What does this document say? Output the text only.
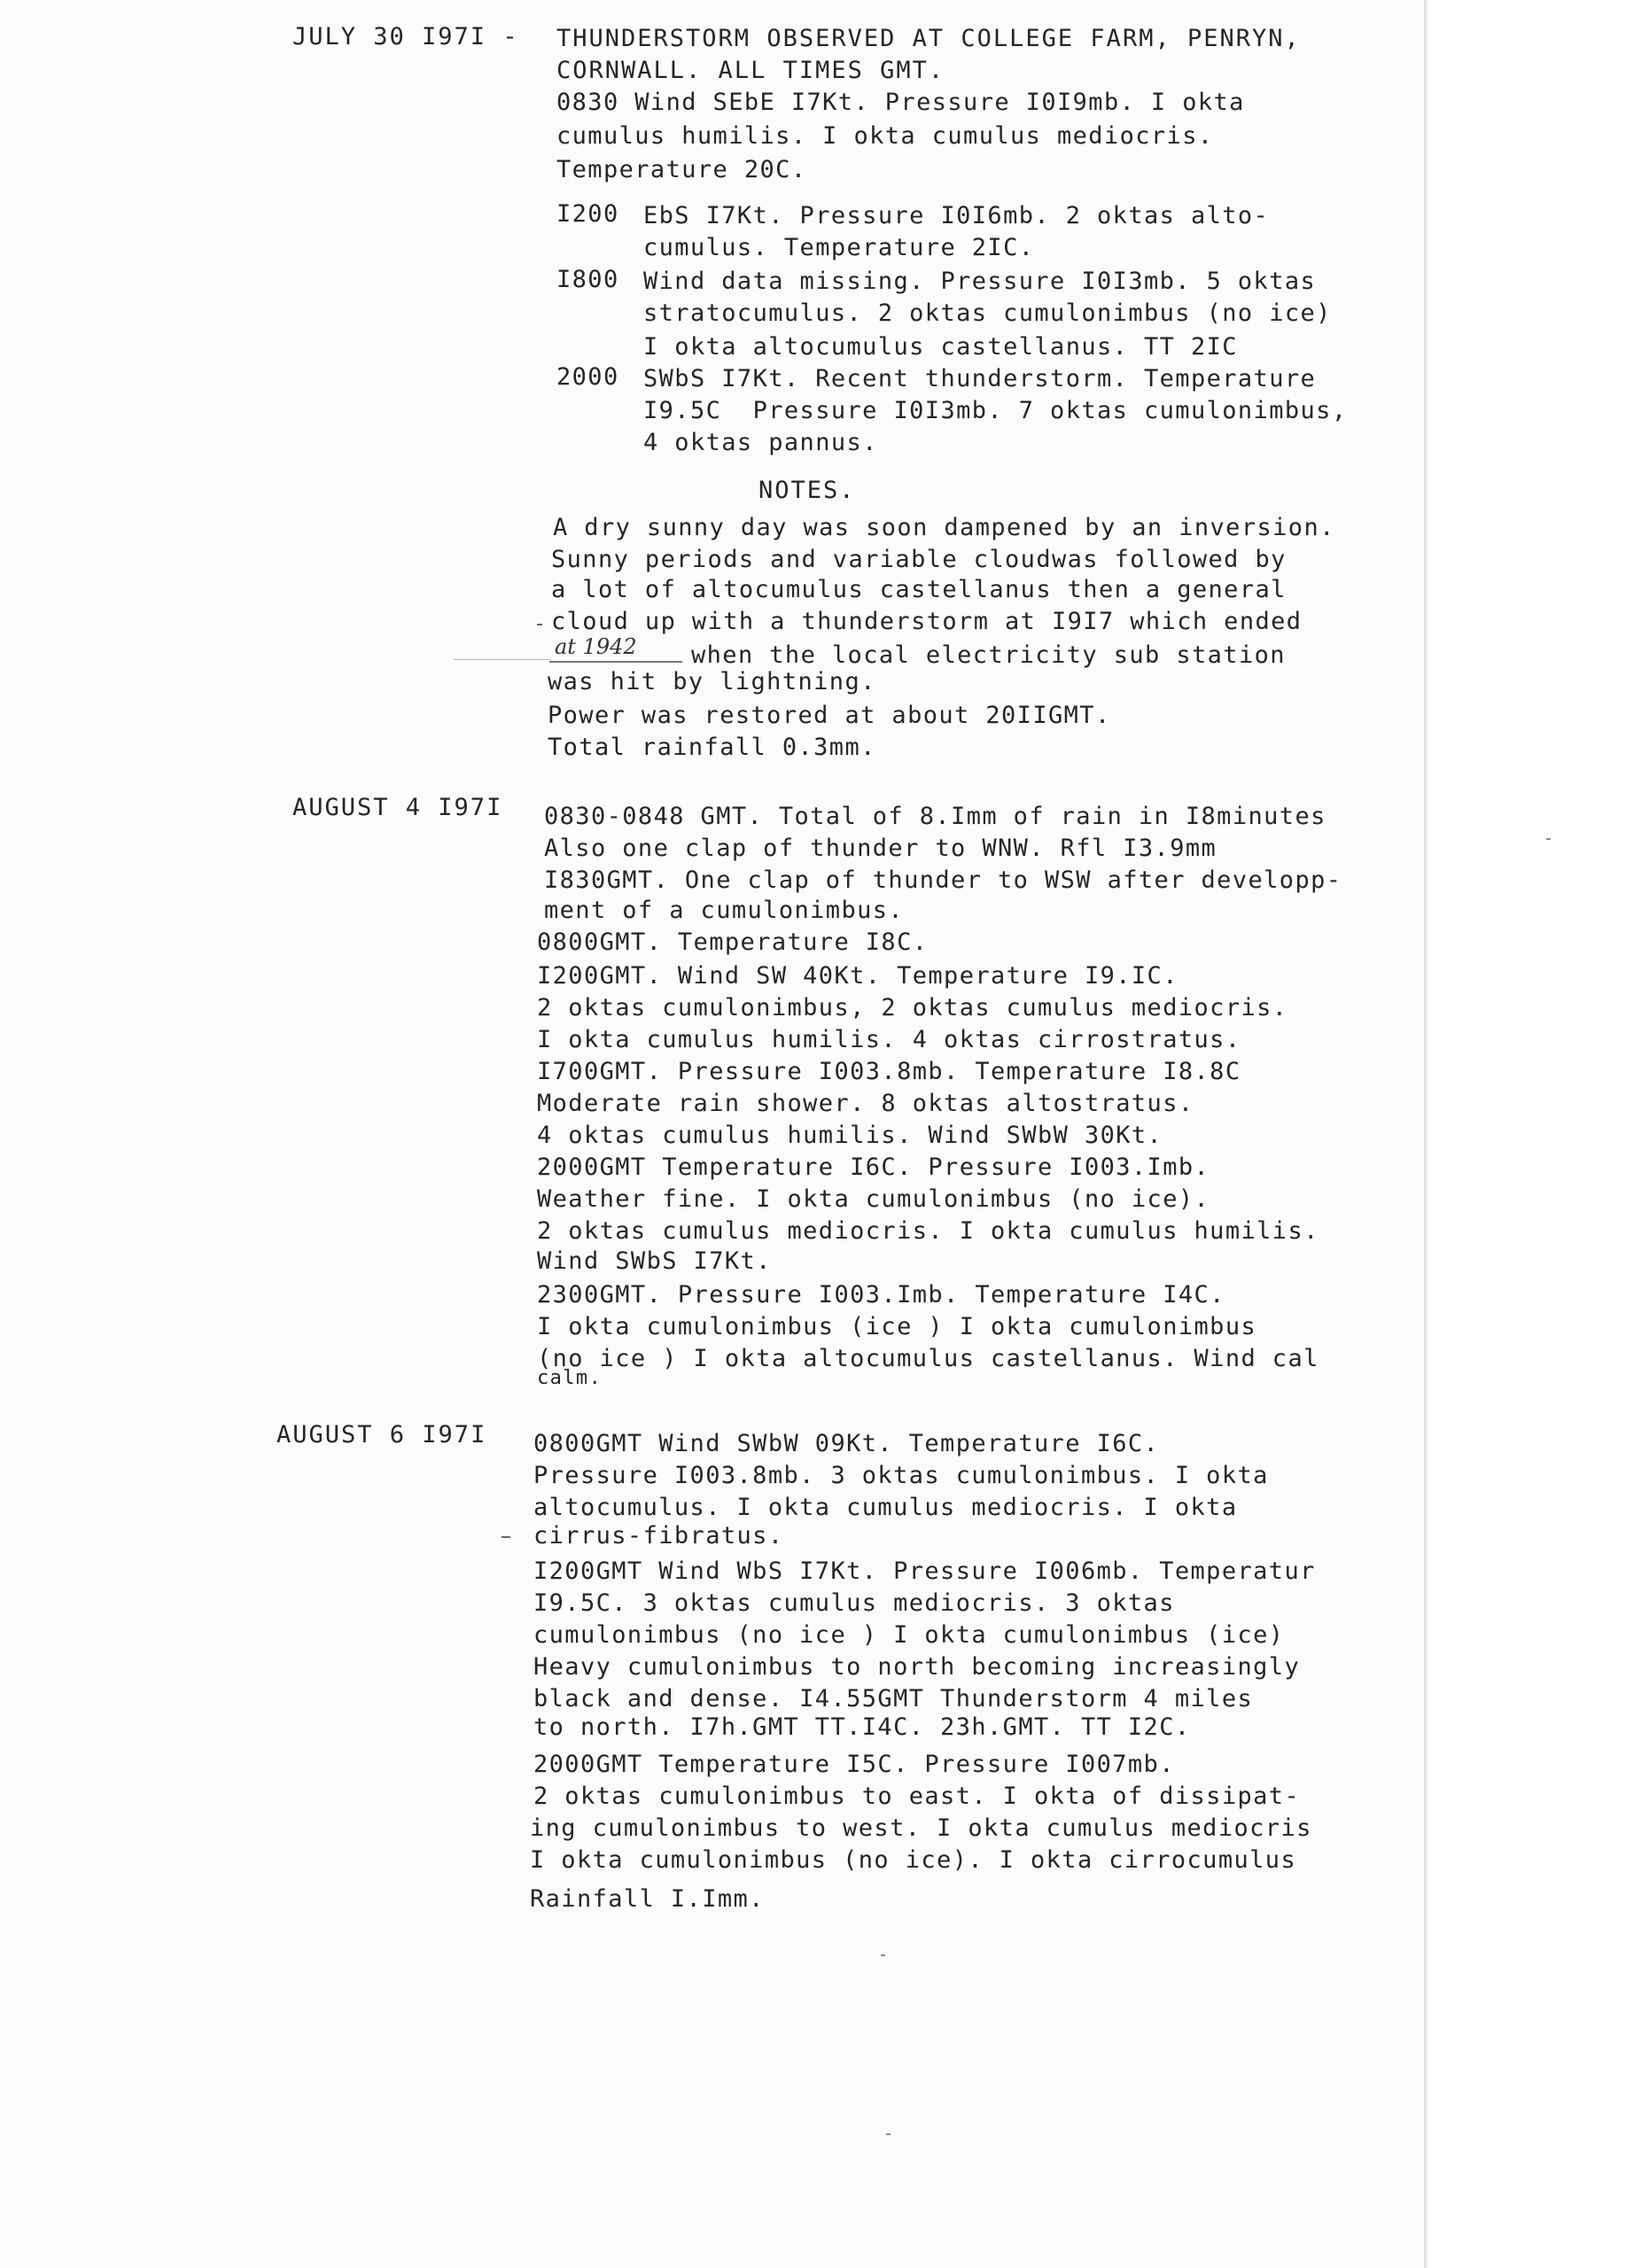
JULY 30 I97I - THUNDERSTORM OBSERVED AT COLLEGE FARM, PENRYN,
CORNWALL. ALL TIMES GMT.
0830 Wind SEbE I7Kt. Pressure I0I9mb. I okta
cumulus humilis. I okta cumulus mediocris.
Temperature 20C.
I200 EbS I7Kt. Pressure I0I6mb. 2 oktas alto-
cumulus. Temperature 2IC.
I800 Wind data missing. Pressure I0I3mb. 5 oktas
stratocumulus. 2 oktas cumulonimbus (no ice)
I okta altocumulus castellanus. TT 2IC
2000 SWbS I7Kt. Recent thunderstorm. Temperature
I9.5C  Pressure I0I3mb. 7 oktas cumulonimbus,
4 oktas pannus.
NOTES.
A dry sunny day was soon dampened by an inversion.
Sunny periods and variable cloudwas followed by
a lot of altocumulus castellanus then a general
cloud up with a thunderstorm at I9I7 which ended
at 1942 when the local electricity sub station
was hit by lightning.
Power was restored at about 20IIGMT.
Total rainfall 0.3mm.
AUGUST 4 I97I 0830-0848 GMT. Total of 8.Imm of rain in I8minutes
Also one clap of thunder to WNW. Rfl I3.9mm
I830GMT. One clap of thunder to WSW after developp-
ment of a cumulonimbus.
0800GMT. Temperature I8C.
I200GMT. Wind SW 40Kt. Temperature I9.IC.
2 oktas cumulonimbus, 2 oktas cumulus mediocris.
I okta cumulus humilis. 4 oktas cirrostratus.
I700GMT. Pressure I003.8mb. Temperature I8.8C
Moderate rain shower. 8 oktas altostratus.
4 oktas cumulus humilis. Wind SWbW 30Kt.
2000GMT Temperature I6C. Pressure I003.Imb.
Weather fine. I okta cumulonimbus (no ice).
2 oktas cumulus mediocris. I okta cumulus humilis.
Wind SWbS I7Kt.
2300GMT. Pressure I003.Imb. Temperature I4C.
I okta cumulonimbus (ice ) I okta cumulonimbus
(no ice ) I okta altocumulus castellanus. Wind cal
calm.
AUGUST 6 I97I 0800GMT Wind SWbW 09Kt. Temperature I6C.
Pressure I003.8mb. 3 oktas cumulonimbus. I okta
altocumulus. I okta cumulus mediocris. I okta
cirrus-fibratus.
I200GMT Wind WbS I7Kt. Pressure I006mb. Temperatur
I9.5C. 3 oktas cumulus mediocris. 3 oktas
cumulonimbus (no ice ) I okta cumulonimbus (ice)
Heavy cumulonimbus to north becoming increasingly
black and dense. I4.55GMT Thunderstorm 4 miles
to north. I7h.GMT TT.I4C. 23h.GMT. TT I2C.
2000GMT Temperature I5C. Pressure I007mb.
2 oktas cumulonimbus to east. I okta of dissipat-
ing cumulonimbus to west. I okta cumulus mediocris
I okta cumulonimbus (no ice). I okta cirrocumulus
Rainfall I.Imm.
